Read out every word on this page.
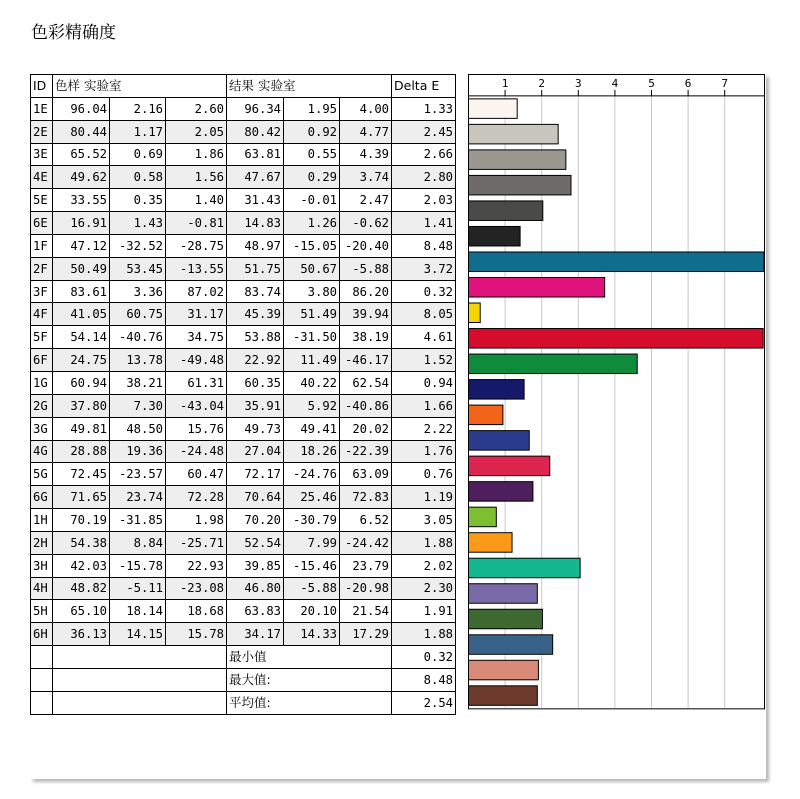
色彩精确度
ID	色样 实验室			结果 实验室			Delta E
1E	96.04	2.16	2.60	96.34	1.95	4.00	1.33
2E	80.44	1.17	2.05	80.42	0.92	4.77	2.45
3E	65.52	0.69	1.86	63.81	0.55	4.39	2.66
4E	49.62	0.58	1.56	47.67	0.29	3.74	2.80
5E	33.55	0.35	1.40	31.43	-0.01	2.47	2.03
6E	16.91	1.43	-0.81	14.83	1.26	-0.62	1.41
1F	47.12	-32.52	-28.75	48.97	-15.05	-20.40	8.48
2F	50.49	53.45	-13.55	51.75	50.67	-5.88	3.72
3F	83.61	3.36	87.02	83.74	3.80	86.20	0.32
4F	41.05	60.75	31.17	45.39	51.49	39.94	8.05
5F	54.14	-40.76	34.75	53.88	-31.50	38.19	4.61
6F	24.75	13.78	-49.48	22.92	11.49	-46.17	1.52
1G	60.94	38.21	61.31	60.35	40.22	62.54	0.94
2G	37.80	7.30	-43.04	35.91	5.92	-40.86	1.66
3G	49.81	48.50	15.76	49.73	49.41	20.02	2.22
4G	28.88	19.36	-24.48	27.04	18.26	-22.39	1.76
5G	72.45	-23.57	60.47	72.17	-24.76	63.09	0.76
6G	71.65	23.74	72.28	70.64	25.46	72.83	1.19
1H	70.19	-31.85	1.98	70.20	-30.79	6.52	3.05
2H	54.38	8.84	-25.71	52.54	7.99	-24.42	1.88
3H	42.03	-15.78	22.93	39.85	-15.46	23.79	2.02
4H	48.82	-5.11	-23.08	46.80	-5.88	-20.98	2.30
5H	65.10	18.14	18.68	63.83	20.10	21.54	1.91
6H	36.13	14.15	15.78	34.17	14.33	17.29	1.88
				最小值			0.32
				最大值:			8.48
				平均值:			2.54
1	2	3	4	5	6	7
